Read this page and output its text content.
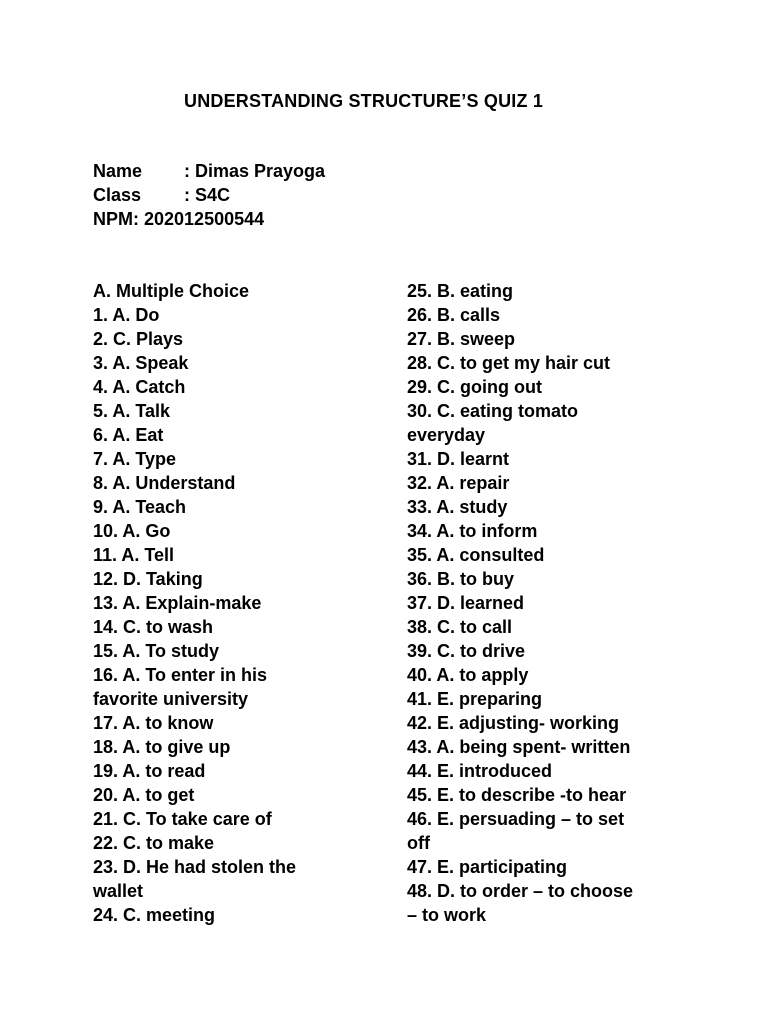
UNDERSTANDING STRUCTURE’S QUIZ 1
Name : Dimas Prayoga
Class : S4C
NPM: 202012500544
A. Multiple Choice
1. A. Do
2. C. Plays
3. A. Speak
4. A. Catch
5. A. Talk
6. A. Eat
7. A. Type
8. A. Understand
9. A. Teach
10. A. Go
11. A. Tell
12. D. Taking
13. A. Explain-make
14. C. to wash
15. A. To study
16. A. To enter in his
favorite university
17. A. to know
18. A. to give up
19. A. to read
20. A. to get
21. C. To take care of
22. C. to make
23. D. He had stolen the
wallet
24. C. meeting
25. B. eating
26. B. calls
27. B. sweep
28. C. to get my hair cut
29. C. going out
30. C. eating tomato
everyday
31. D. learnt
32. A. repair
33. A. study
34. A. to inform
35. A. consulted
36. B. to buy
37. D. learned
38. C. to call
39. C. to drive
40. A. to apply
41. E. preparing
42. E. adjusting- working
43. A. being spent- written
44. E. introduced
45. E. to describe -to hear
46. E. persuading – to set
off
47. E. participating
48. D. to order – to choose
– to work
